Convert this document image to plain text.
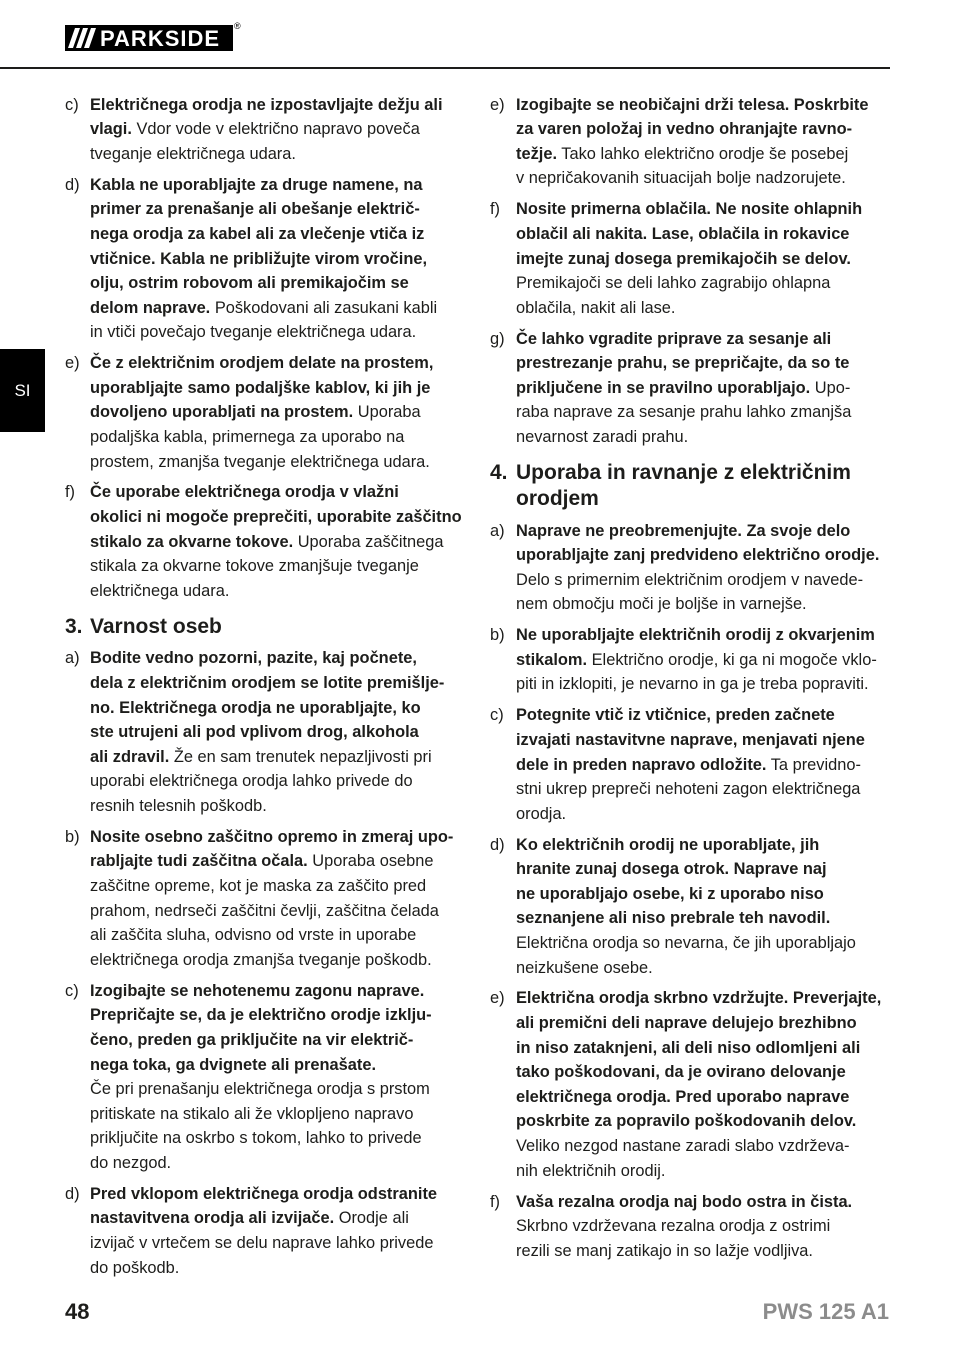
PARKSIDE ®
SI
c) Električnega orodja ne izpostavljajte dežju ali
vlagi. Vdor vode v električno napravo poveča
tveganje električnega udara.
d) Kabla ne uporabljajte za druge namene, na
primer za prenašanje ali obešanje električ-
nega orodja za kabel ali za vlečenje vtiča iz
vtičnice. Kabla ne približujte virom vročine,
olju, ostrim robovom ali premikajočim se
delom naprave. Poškodovani ali zasukani kabli
in vtiči povečajo tveganje električnega udara.
e) Če z električnim orodjem delate na prostem,
uporabljajte samo podaljške kablov, ki jih je
dovoljeno uporabljati na prostem. Uporaba
podaljška kabla, primernega za uporabo na
prostem, zmanjša tveganje električnega udara.
f) Če uporabe električnega orodja v vlažni
okolici ni mogoče preprečiti, uporabite zaščitno
stikalo za okvarne tokove. Uporaba zaščitnega
stikala za okvarne tokove zmanjšuje tveganje
električnega udara.
3. Varnost oseb
a) Bodite vedno pozorni, pazite, kaj počnete,
dela z električnim orodjem se lotite premišlje-
no. Električnega orodja ne uporabljajte, ko
ste utrujeni ali pod vplivom drog, alkohola
ali zdravil. Že en sam trenutek nepazljivosti pri
uporabi električnega orodja lahko privede do
resnih telesnih poškodb.
b) Nosite osebno zaščitno opremo in zmeraj upo-
rabljajte tudi zaščitna očala. Uporaba osebne
zaščitne opreme, kot je maska za zaščito pred
prahom, nedrseči zaščitni čevlji, zaščitna čelada
ali zaščita sluha, odvisno od vrste in uporabe
električnega orodja zmanjša tveganje poškodb.
c) Izogibajte se nehotenemu zagonu naprave.
Prepričajte se, da je električno orodje izklju-
čeno, preden ga priključite na vir električ-
nega toka, ga dvignete ali prenašate.
Če pri prenašanju električnega orodja s prstom
pritiskate na stikalo ali že vklopljeno napravo
priključite na oskrbo s tokom, lahko to privede
do nezgod.
d) Pred vklopom električnega orodja odstranite
nastavitvena orodja ali izvijače. Orodje ali
izvijač v vrtečem se delu naprave lahko privede
do poškodb.
e) Izogibajte se neobičajni drži telesa. Poskrbite
za varen položaj in vedno ohranjajte ravno-
težje. Tako lahko električno orodje še posebej
v nepričakovanih situacijah bolje nadzorujete.
f) Nosite primerna oblačila. Ne nosite ohlapnih
oblačil ali nakita. Lase, oblačila in rokavice
imejte zunaj dosega premikajočih se delov.
Premikajoči se deli lahko zagrabijo ohlapna
oblačila, nakit ali lase.
g) Če lahko vgradite priprave za sesanje ali
prestrezanje prahu, se prepričajte, da so te
priključene in se pravilno uporabljajo. Upo-
raba naprave za sesanje prahu lahko zmanjša
nevarnost zaradi prahu.
4. Uporaba in ravnanje z električnim
orodjem
a) Naprave ne preobremenjujte. Za svoje delo
uporabljajte zanj predvideno električno orodje.
Delo s primernim električnim orodjem v navede-
nem območju moči je boljše in varnejše.
b) Ne uporabljajte električnih orodij z okvarjenim
stikalom. Električno orodje, ki ga ni mogoče vklo-
piti in izklopiti, je nevarno in ga je treba popraviti.
c) Potegnite vtič iz vtičnice, preden začnete
izvajati nastavitvne naprave, menjavati njene
dele in preden napravo odložite. Ta previdno-
stni ukrep prepreči nehoteni zagon električnega
orodja.
d) Ko električnih orodij ne uporabljate, jih
hranite zunaj dosega otrok. Naprave naj
ne uporabljajo osebe, ki z uporabo niso
seznanjene ali niso prebrale teh navodil.
Električna orodja so nevarna, če jih uporabljajo
neizkušene osebe.
e) Električna orodja skrbno vzdržujte. Preverjajte,
ali premični deli naprave delujejo brezhibno
in niso zataknjeni, ali deli niso odlomljeni ali
tako poškodovani, da je ovirano delovanje
električnega orodja. Pred uporabo naprave
poskrbite za popravilo poškodovanih delov.
Veliko nezgod nastane zaradi slabo vzdrževa-
nih električnih orodij.
f) Vaša rezalna orodja naj bodo ostra in čista.
Skrbno vzdrževana rezalna orodja z ostrimi
rezili se manj zatikajo in so lažje vodljiva.
48	PWS 125 A1
